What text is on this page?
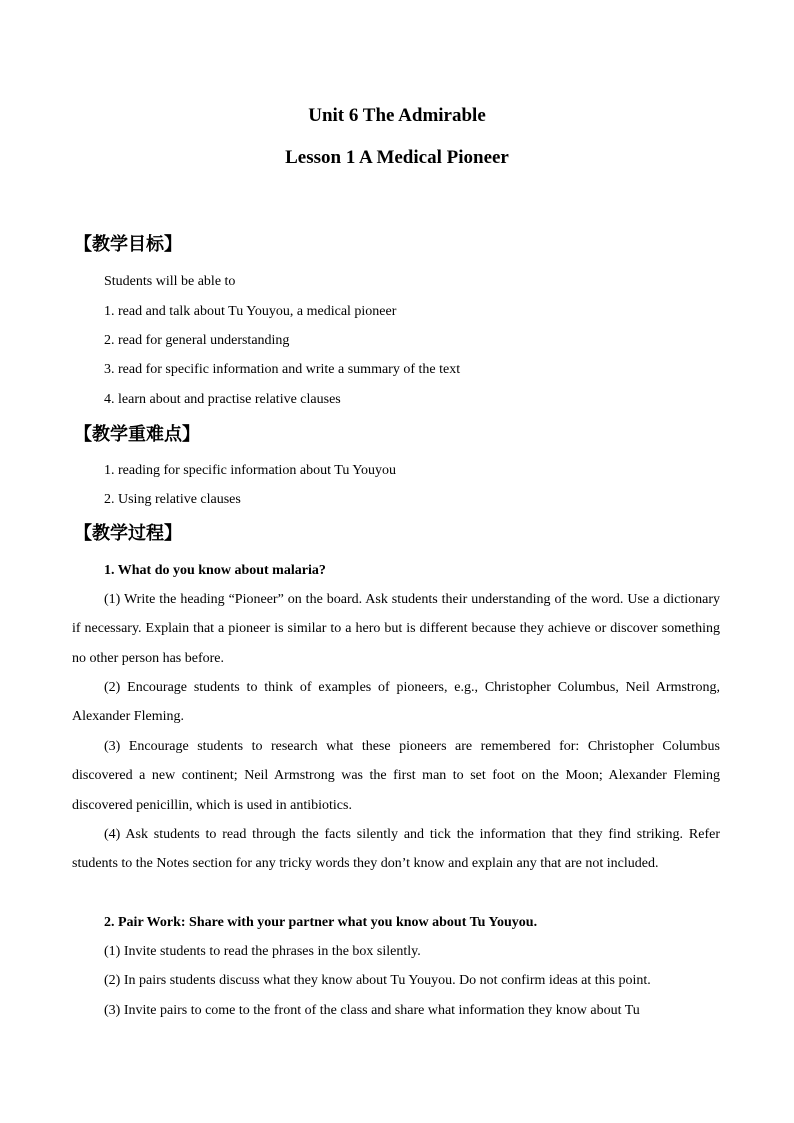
Unit 6 The Admirable
Lesson 1 A Medical Pioneer
【教学目标】
Students will be able to
1. read and talk about Tu Youyou, a medical pioneer
2. read for general understanding
3. read for specific information and write a summary of the text
4. learn about and practise relative clauses
【教学重难点】
1. reading for specific information about Tu Youyou
2. Using relative clauses
【教学过程】
1. What do you know about malaria?

(1) Write the heading “Pioneer” on the board. Ask students their understanding of the word. Use a dictionary if necessary. Explain that a pioneer is similar to a hero but is different because they achieve or discover something no other person has before.

(2) Encourage students to think of examples of pioneers, e.g., Christopher Columbus, Neil Armstrong, Alexander Fleming.

(3) Encourage students to research what these pioneers are remembered for: Christopher Columbus discovered a new continent; Neil Armstrong was the first man to set foot on the Moon; Alexander Fleming discovered penicillin, which is used in antibiotics.

(4) Ask students to read through the facts silently and tick the information that they find striking. Refer students to the Notes section for any tricky words they don’t know and explain any that are not included.

2. Pair Work: Share with your partner what you know about Tu Youyou.
(1) Invite students to read the phrases in the box silently.
(2) In pairs students discuss what they know about Tu Youyou. Do not confirm ideas at this point.
(3) Invite pairs to come to the front of the class and share what information they know about Tu
